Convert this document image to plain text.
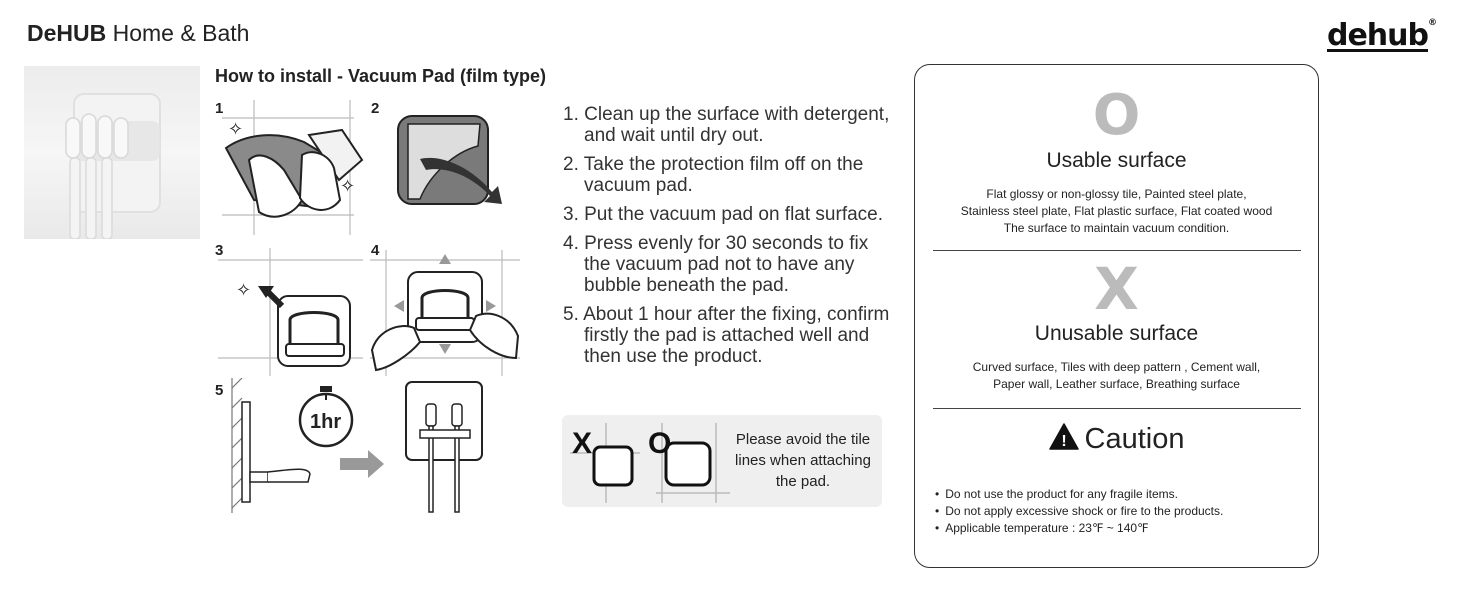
DeHUB Home & Bath	dehub®
How to install - Vacuum Pad (film type)
1	2
3	4
5
✧
✧
✧
1hr
1. Clean up the surface with detergent, and wait until dry out.
2. Take the protection film off on the vacuum pad.
3. Put the vacuum pad on flat surface.
4. Press evenly for 30 seconds to fix the vacuum pad not to have any bubble beneath the pad.
5. About 1 hour after the fixing, confirm firstly the pad is attached well and then use the product.
X O	Please avoid the tile lines when attaching the pad.
O
Usable surface
Flat glossy or non-glossy tile, Painted steel plate,
Stainless steel plate, Flat plastic surface, Flat coated wood
The surface to maintain vacuum condition.
X
Unusable surface
Curved surface, Tiles with deep pattern , Cement wall,
Paper wall, Leather surface, Breathing surface
! Caution
• Do not use the product for any fragile items.
• Do not apply excessive shock or fire to the products.
• Applicable temperature : 23℉ ~ 140℉
